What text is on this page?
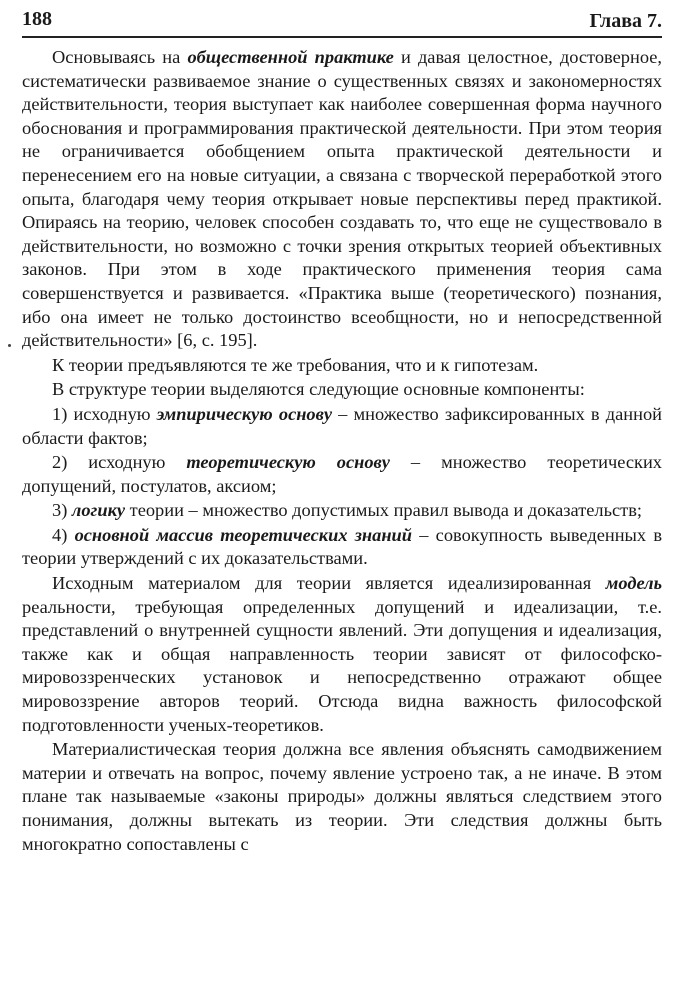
188	Глава 7.

Основываясь на общественной практике и давая целостное, достоверное, систематически развиваемое знание о существенных связях и закономерностях действительности, теория выступает как наиболее совершенная форма научного обоснования и программирования практической деятельности. При этом теория не ограничивается обобщением опыта практической деятельности и перенесением его на новые ситуации, а связана с творческой переработкой этого опыта, благодаря чему теория открывает новые перспективы перед практикой. Опираясь на теорию, человек способен создавать то, что еще не существовало в действительности, но возможно с точки зрения открытых теорией объективных законов. При этом в ходе практического применения теория сама совершенствуется и развивается. «Практика выше (теоретического) познания, ибо она имеет не только достоинство всеобщности, но и непосредственной действительности» [6, с. 195].

К теории предъявляются те же требования, что и к гипотезам.

В структуре теории выделяются следующие основные компоненты:

1) исходную эмпирическую основу – множество зафиксированных в данной области фактов;

2) исходную теоретическую основу – множество теоретических допущений, постулатов, аксиом;

3) логику теории – множество допустимых правил вывода и доказательств;

4) основной массив теоретических знаний – совокупность выведенных в теории утверждений с их доказательствами.

Исходным материалом для теории является идеализированная модель реальности, требующая определенных допущений и идеализации, т.е. представлений о внутренней сущности явлений. Эти допущения и идеализация, также как и общая направленность теории зависят от философско-мировоззренческих установок и непосредственно отражают общее мировоззрение авторов теорий. Отсюда видна важность философской подготовленности ученых-теоретиков.

Материалистическая теория должна все явления объяснять самодвижением материи и отвечать на вопрос, почему явление устроено так, а не иначе. В этом плане так называемые «законы природы» должны являться следствием этого понимания, должны вытекать из теории. Эти следствия должны быть многократно сопоставлены с
